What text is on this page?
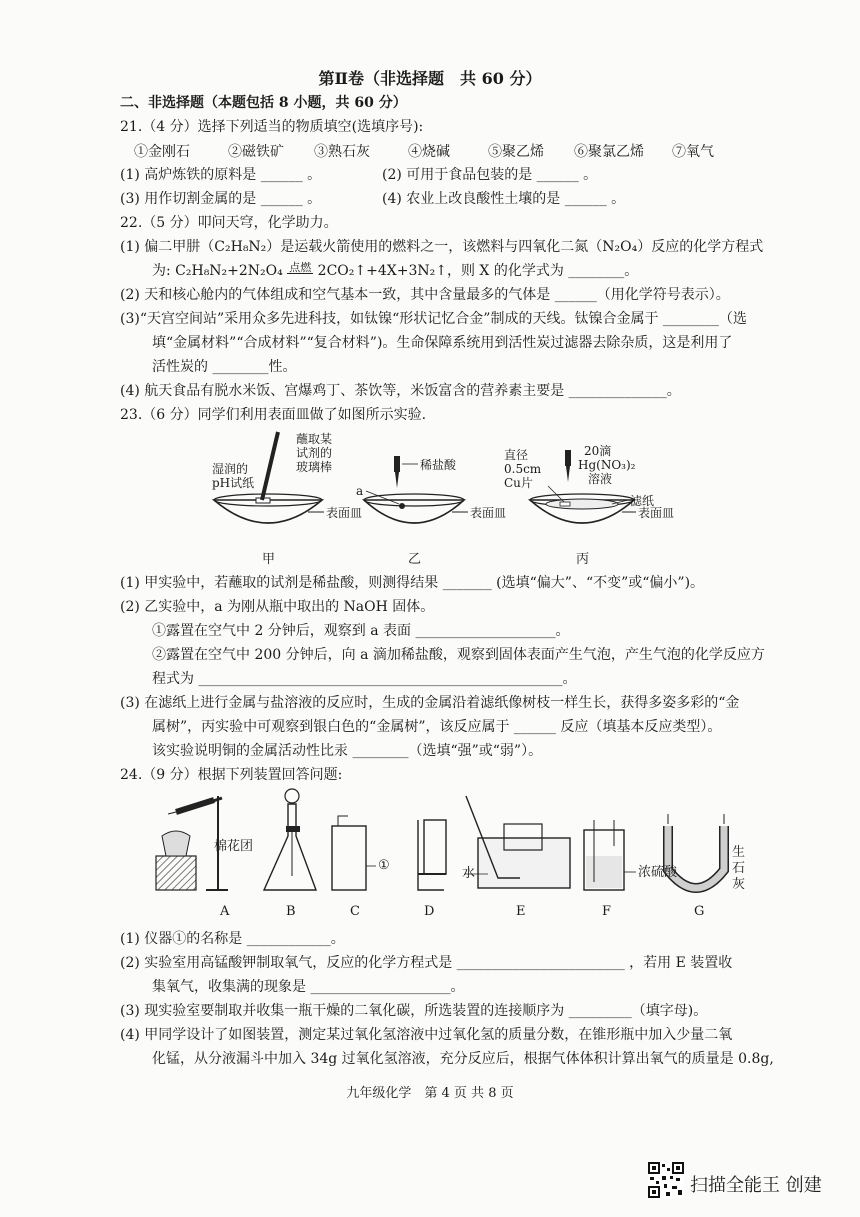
第Ⅱ卷（非选择题　共 60 分）
二、非选择题（本题包括 8 小题，共 60 分）
21.（4 分）选择下列适当的物质填空(选填序号):
①金刚石	②磁铁矿 ③熟石灰	④烧碱	⑤聚乙烯 ⑥聚氯乙烯 ⑦氧气
(1) 高炉炼铁的原料是 ______ 。	(2) 可用于食品包装的是 ______ 。
(3) 用作切割金属的是 ______ 。	(4) 农业上改良酸性土壤的是 ______ 。
22.（5 分）叩问天穹，化学助力。
(1) 偏二甲肼（C₂H₈N₂）是运载火箭使用的燃料之一，该燃料与四氧化二氮（N₂O₄）反应的化学方程式
为: C₂H₈N₂+2N₂O₄ 点燃 2CO₂↑+4X+3N₂↑，则 X 的化学式为 ________。
(2) 天和核心舱内的气体组成和空气基本一致，其中含量最多的气体是 ______（用化学符号表示）。
(3)“天宫空间站”采用众多先进科技，如钛镍“形状记忆合金”制成的天线。钛镍合金属于 ________（选
填“金属材料”“合成材料”“复合材料”)。生命保障系统用到活性炭过滤器去除杂质，这是利用了
活性炭的 ________性。
(4) 航天食品有脱水米饭、宫爆鸡丁、茶饮等，米饭富含的营养素主要是 ______________。
23.（6 分）同学们利用表面皿做了如图所示实验.
湿润的
pH试纸
蘸取某
试剂的
玻璃棒
表面皿
稀盐酸
a
表面皿
直径
0.5cm
Cu片
20滴
Hg(NO₃)₂
溶液
滤纸
表面皿
甲	乙	丙
(1) 甲实验中，若蘸取的试剂是稀盐酸，则测得结果 _______ (选填“偏大”、“不变”或“偏小”)。
(2) 乙实验中，a 为刚从瓶中取出的 NaOH 固体。
①露置在空气中 2 分钟后，观察到 a 表面 ____________________。
②露置在空气中 200 分钟后，向 a 滴加稀盐酸，观察到固体表面产生气泡，产生气泡的化学反应方
程式为 ____________________________________________________。
(3) 在滤纸上进行金属与盐溶液的反应时，生成的金属沿着滤纸像树枝一样生长，获得多姿多彩的“金
属树”，丙实验中可观察到银白色的“金属树”，该反应属于 ______ 反应（填基本反应类型）。
该实验说明铜的金属活动性比汞 ________（选填“强”或“弱”）。
24.（9 分）根据下列装置回答问题:
棉花团
①
水	浓硫酸
生
石
灰
A	B	C	D	E	F	G
(1) 仪器①的名称是 ____________。
(2) 实验室用高锰酸钾制取氧气，反应的化学方程式是 ________________________ ，若用 E 装置收
集氧气，收集满的现象是 ____________________。
(3) 现实验室要制取并收集一瓶干燥的二氧化碳，所选装置的连接顺序为 _________（填字母)。
(4) 甲同学设计了如图装置，测定某过氧化氢溶液中过氧化氢的质量分数，在锥形瓶中加入少量二氧
化锰，从分液漏斗中加入 34g 过氧化氢溶液，充分反应后，根据气体体积计算出氧气的质量是 0.8g,
九年级化学　第 4 页 共 8 页
扫描全能王 创建
